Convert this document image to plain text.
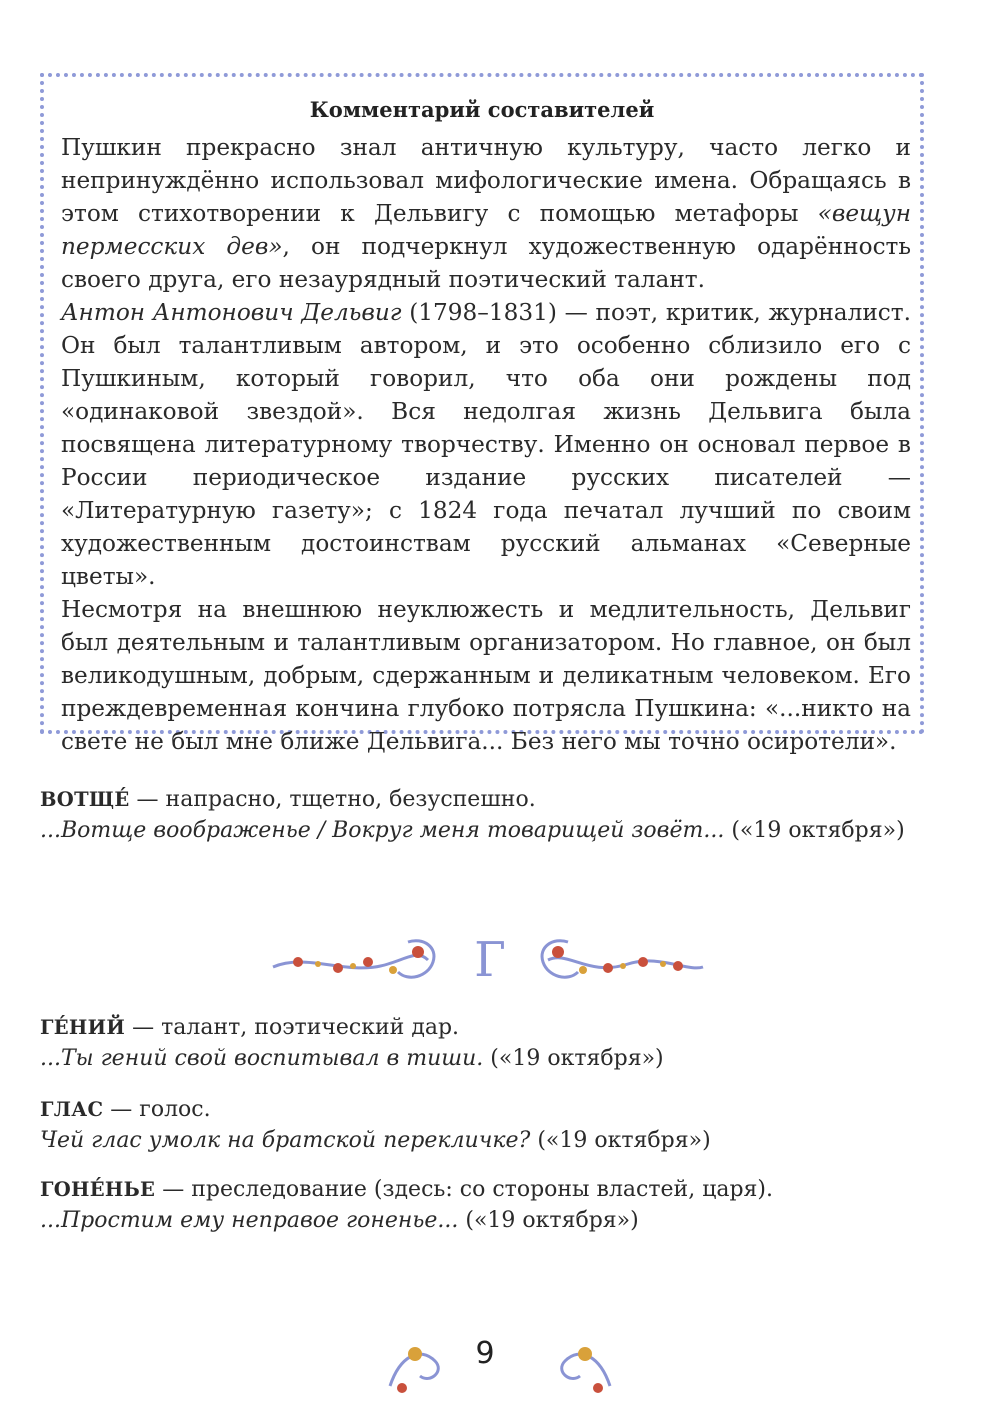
Комментарий составителей

Пушкин прекрасно знал античную культуру, часто легко и непринуждённо использовал мифологические имена. Обращаясь в этом стихотворении к Дельвигу с помощью метафоры «вещун пермесских дев», он подчеркнул художественную одарённость своего друга, его незаурядный поэтический талант.

Антон Антонович Дельвиг (1798–1831) — поэт, критик, журналист. Он был талантливым автором, и это особенно сблизило его с Пушкиным, который говорил, что оба они рождены под «одинаковой звездой». Вся недолгая жизнь Дельвига была посвящена литературному творчеству. Именно он основал первое в России периодическое издание русских писателей — «Литературную газету»; с 1824 года печатал лучший по своим художественным достоинствам русский альманах «Северные цветы».

Несмотря на внешнюю неуклюжесть и медлительность, Дельвиг был деятельным и талантливым организатором. Но главное, он был великодушным, добрым, сдержанным и деликатным человеком. Его преждевременная кончина глубоко потрясла Пушкина: «...никто на свете не был мне ближе Дельвига... Без него мы точно осиротели».

ВОТЩЕ́ — напрасно, тщетно, безуспешно.

...Вотще воображенье / Вокруг меня товарищей зовёт... («19 октября»)

Г

ГЕ́НИЙ — талант, поэтический дар.

...Ты гений свой воспитывал в тиши. («19 октября»)

ГЛАС — голос.

Чей глас умолк на братской перекличке? («19 октября»)

ГОНЕ́НЬЕ — преследование (здесь: со стороны властей, царя).

...Простим ему неправое гоненье... («19 октября»)

9
